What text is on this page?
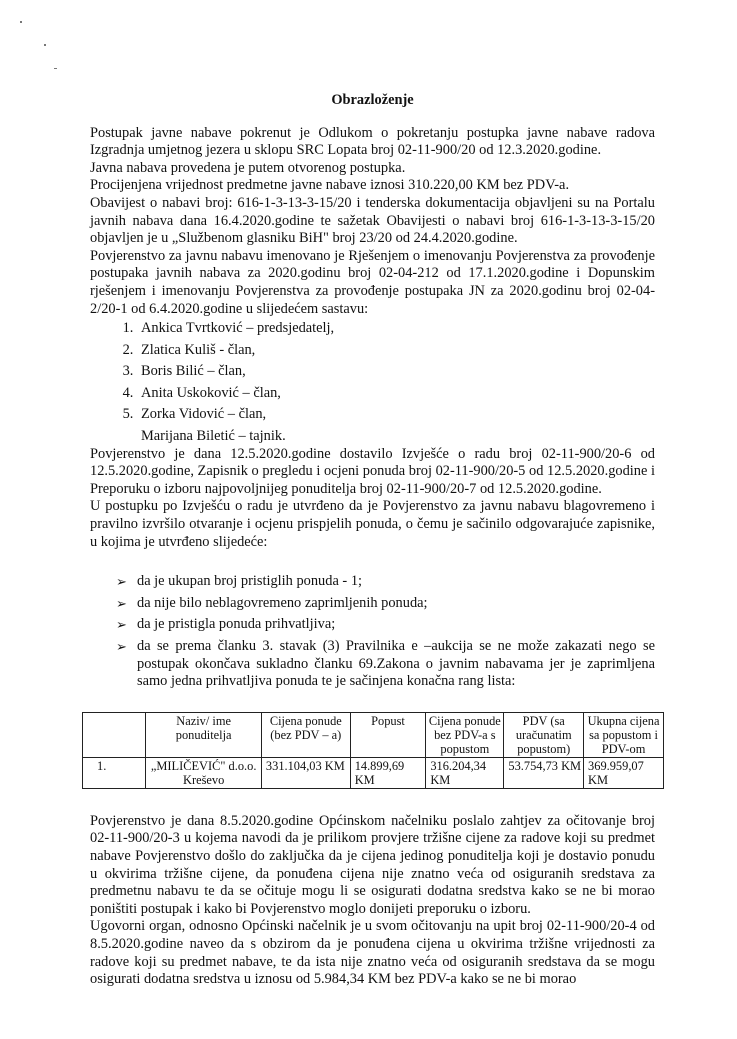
Obrazloženje

Postupak javne nabave pokrenut je Odlukom o pokretanju postupka javne nabave radova Izgradnja umjetnog jezera u sklopu SRC Lopata broj 02-11-900/20 od 12.3.2020.godine.

Javna nabava provedena je putem otvorenog postupka.

Procijenjena vrijednost predmetne javne nabave iznosi 310.220,00 KM bez PDV-a.

Obavijest o nabavi broj: 616-1-3-13-3-15/20 i tenderska dokumentacija objavljeni su na Portalu javnih nabava dana 16.4.2020.godine te sažetak Obavijesti o nabavi broj 616-1-3-13-3-15/20 objavljen je u „Službenom glasniku BiH" broj 23/20 od 24.4.2020.godine.

Povjerenstvo za javnu nabavu imenovano je Rješenjem o imenovanju Povjerenstva za provođenje postupaka javnih nabava za 2020.godinu broj 02-04-212 od 17.1.2020.godine i Dopunskim rješenjem i imenovanju Povjerenstva za provođenje postupaka JN za 2020.godinu broj 02-04-2/20-1 od 6.4.2020.godine u slijedećem sastavu:

1. Ankica Tvrtković – predsjedatelj,
2. Zlatica Kuliš - član,
3. Boris Bilić – član,
4. Anita Uskoković – član,
5. Zorka Vidović – član,
Marijana Biletić – tajnik.

Povjerenstvo je dana 12.5.2020.godine dostavilo Izvješće o radu broj 02-11-900/20-6 od 12.5.2020.godine, Zapisnik o pregledu i ocjeni ponuda broj 02-11-900/20-5 od 12.5.2020.godine i Preporuku o izboru najpovoljnijeg ponuditelja broj 02-11-900/20-7 od 12.5.2020.godine.

U postupku po Izvješću o radu je utvrđeno da je Povjerenstvo za javnu nabavu blagovremeno i pravilno izvršilo otvaranje i ocjenu prispjelih ponuda, o čemu je sačinilo odgovarajuće zapisnike, u kojima je utvrđeno slijedeće:

➢ da je ukupan broj pristiglih ponuda - 1;
➢ da nije bilo neblagovremeno zaprimljenih ponuda;
➢ da je pristigla ponuda prihvatljiva;
➢ da se prema članku 3. stavak (3) Pravilnika e –aukcija se ne može zakazati nego se postupak okončava sukladno članku 69.Zakona o javnim nabavama jer je zaprimljena samo jedna prihvatljiva ponuda te je sačinjena konačna rang lista:
	Naziv/ ime ponuditelja	Cijena ponude (bez PDV – a)	Popust	Cijena ponude bez PDV-a s popustom	PDV (sa uračunatim popustom)	Ukupna cijena sa popustom i PDV-om
1.	„MILIČEVIĆ" d.o.o. Kreševo	331.104,03 KM	14.899,69 KM	316.204,34 KM	53.754,73 KM	369.959,07 KM

Povjerenstvo je dana 8.5.2020.godine Općinskom načelniku poslalo zahtjev za očitovanje broj 02-11-900/20-3 u kojema navodi da je prilikom provjere tržišne cijene za radove koji su predmet nabave Povjerenstvo došlo do zaključka da je cijena jedinog ponuditelja koji je dostavio ponudu u okvirima tržišne cijene, da ponuđena cijena nije znatno veća od osiguranih sredstava za predmetnu nabavu te da se očituje mogu li se osigurati dodatna sredstva kako se ne bi morao poništiti postupak i kako bi Povjerenstvo moglo donijeti preporuku o izboru.

Ugovorni organ, odnosno Općinski načelnik je u svom očitovanju na upit broj 02-11-900/20-4 od 8.5.2020.godine naveo da s obzirom da je ponuđena cijena u okvirima tržišne vrijednosti za radove koji su predmet nabave, te da ista nije znatno veća od osiguranih sredstava da se mogu osigurati dodatna sredstva u iznosu od 5.984,34 KM bez PDV-a kako se ne bi morao
